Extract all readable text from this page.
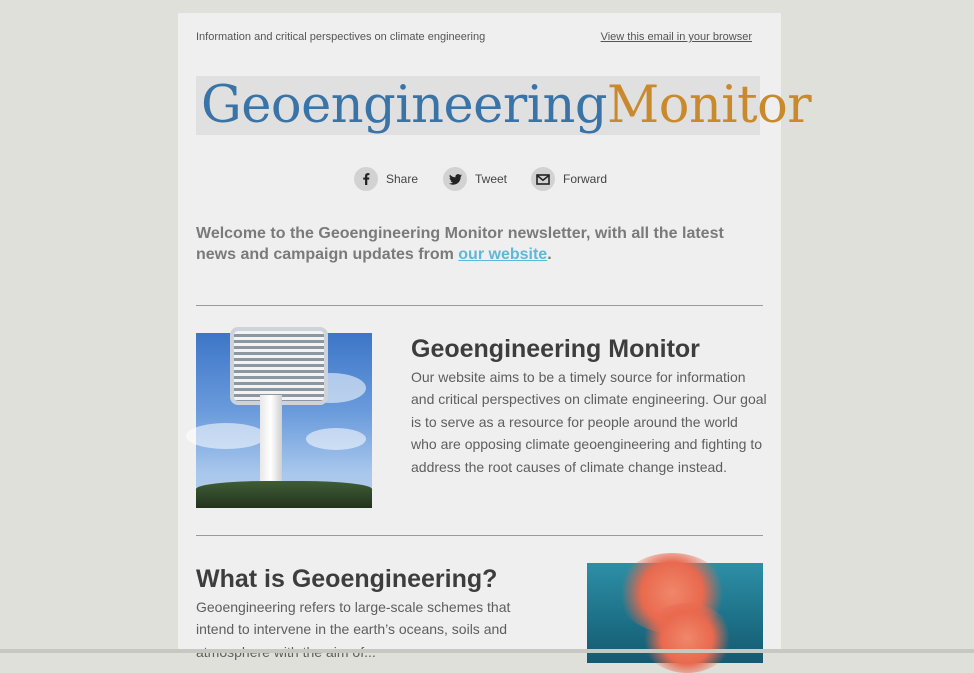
Information and critical perspectives on climate engineering	View this email in your browser
GeoengineeringMonitor
Share	Tweet	Forward

Welcome to the Geoengineering Monitor newsletter, with all the latest news and campaign updates from our website.

Geoengineering Monitor

Our website aims to be a timely source for information and critical perspectives on climate engineering. Our goal is to serve as a resource for people around the world who are opposing climate geoengineering and fighting to address the root causes of climate change instead.

What is Geoengineering?

Geoengineering refers to large-scale schemes that intend to intervene in the earth’s oceans, soils and
